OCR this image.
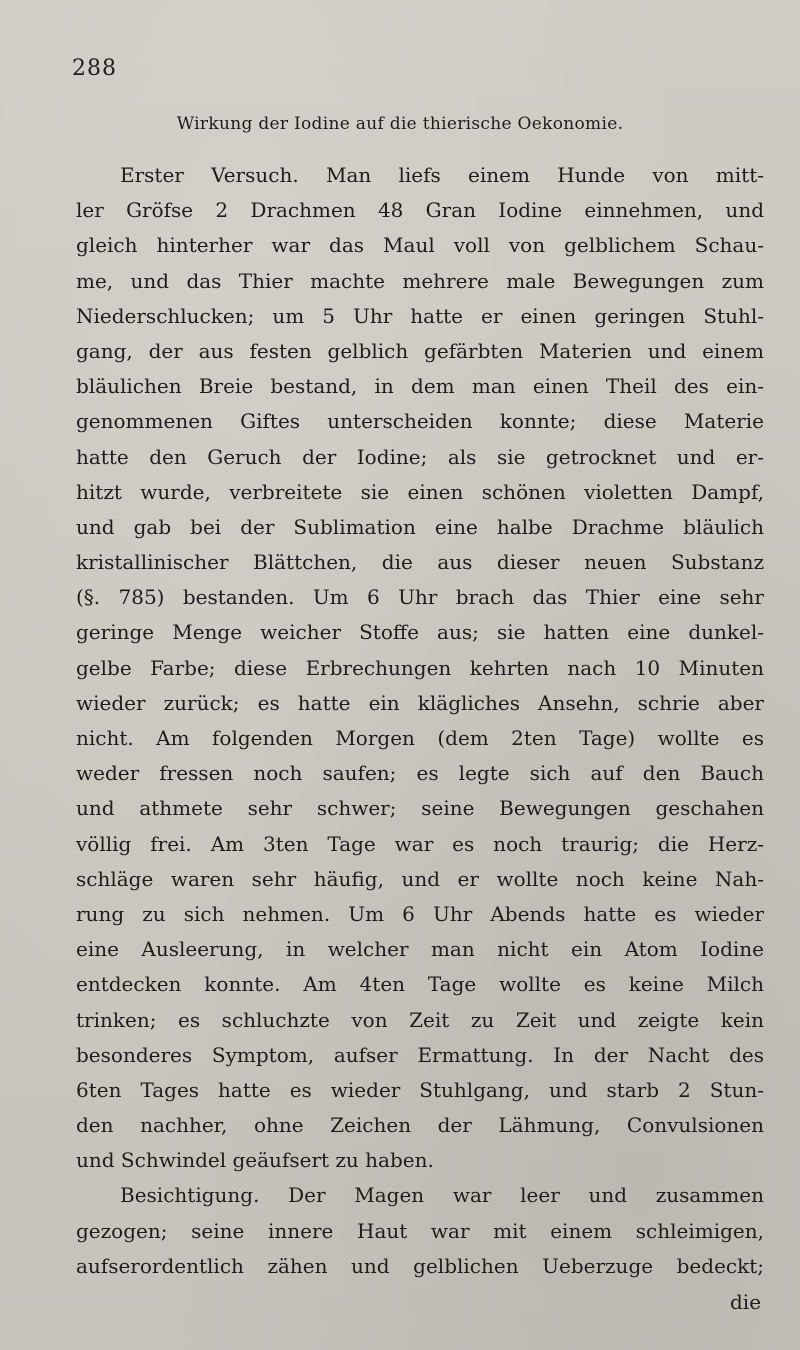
288
Wirkung der Iodine auf die thierische Oekonomie.
Erster Versuch. Man liefs einem Hunde von mitt-
ler Gröfse 2 Drachmen 48 Gran Iodine einnehmen, und
gleich hinterher war das Maul voll von gelblichem Schau-
me, und das Thier machte mehrere male Bewegungen zum
Niederschlucken; um 5 Uhr hatte er einen geringen Stuhl-
gang, der aus festen gelblich gefärbten Materien und einem
bläulichen Breie bestand, in dem man einen Theil des ein-
genommenen Giftes unterscheiden konnte; diese Materie
hatte den Geruch der Iodine; als sie getrocknet und er-
hitzt wurde, verbreitete sie einen schönen violetten Dampf,
und gab bei der Sublimation eine halbe Drachme bläulich
kristallinischer Blättchen, die aus dieser neuen Substanz
(§. 785) bestanden. Um 6 Uhr brach das Thier eine sehr
geringe Menge weicher Stoffe aus; sie hatten eine dunkel-
gelbe Farbe; diese Erbrechungen kehrten nach 10 Minuten
wieder zurück; es hatte ein klägliches Ansehn, schrie aber
nicht. Am folgenden Morgen (dem 2ten Tage) wollte es
weder fressen noch saufen; es legte sich auf den Bauch
und athmete sehr schwer; seine Bewegungen geschahen
völlig frei. Am 3ten Tage war es noch traurig; die Herz-
schläge waren sehr häufig, und er wollte noch keine Nah-
rung zu sich nehmen. Um 6 Uhr Abends hatte es wieder
eine Ausleerung, in welcher man nicht ein Atom Iodine
entdecken konnte. Am 4ten Tage wollte es keine Milch
trinken; es schluchzte von Zeit zu Zeit und zeigte kein
besonderes Symptom, aufser Ermattung. In der Nacht des
6ten Tages hatte es wieder Stuhlgang, und starb 2 Stun-
den nachher, ohne Zeichen der Lähmung, Convulsionen
und Schwindel geäufsert zu haben.
Besichtigung. Der Magen war leer und zusammen
gezogen; seine innere Haut war mit einem schleimigen,
aufserordentlich zähen und gelblichen Ueberzuge bedeckt;
die
